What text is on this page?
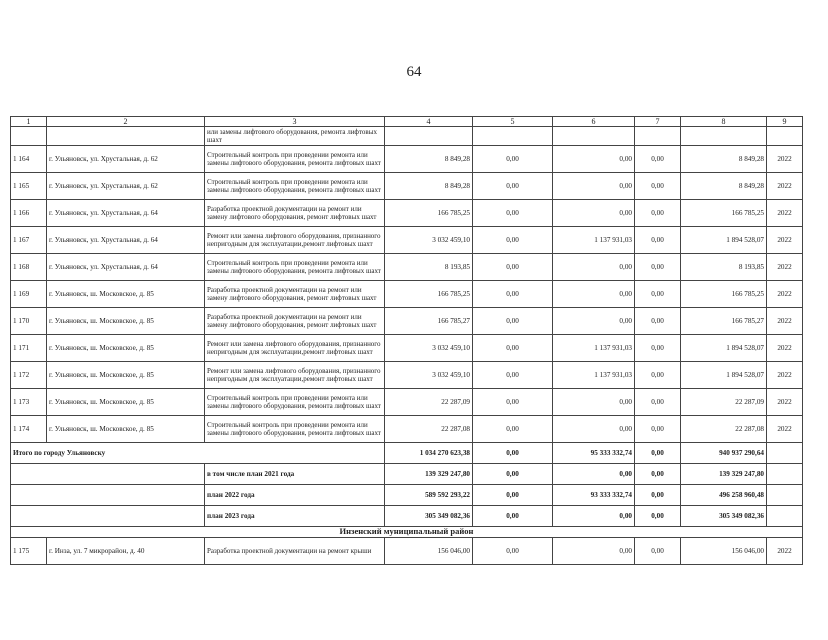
64
1	2	3	4	5	6	7	8	9
		или замены лифтового оборудования, ремонта лифтовых шахт						
1 164	г. Ульяновск, ул. Хрустальная, д. 62	Строительный контроль при проведении ремонта или замены лифтового оборудования, ремонта лифтовых шахт	8 849,28	0,00	0,00	0,00	8 849,28	2022
1 165	г. Ульяновск, ул. Хрустальная, д. 62	Строительный контроль при проведении ремонта или замены лифтового оборудования, ремонта лифтовых шахт	8 849,28	0,00	0,00	0,00	8 849,28	2022
1 166	г. Ульяновск, ул. Хрустальная, д. 64	Разработка проектной документации на ремонт или замену лифтового оборудования, ремонт лифтовых шахт	166 785,25	0,00	0,00	0,00	166 785,25	2022
1 167	г. Ульяновск, ул. Хрустальная, д. 64	Ремонт или замена лифтового оборудования, признанного непригодным для эксплуатации,ремонт лифтовых шахт	3 032 459,10	0,00	1 137 931,03	0,00	1 894 528,07	2022
1 168	г. Ульяновск, ул. Хрустальная, д. 64	Строительный контроль при проведении ремонта или замены лифтового оборудования, ремонта лифтовых шахт	8 193,85	0,00	0,00	0,00	8 193,85	2022
1 169	г. Ульяновск, ш. Московское, д. 85	Разработка проектной документации на ремонт или замену лифтового оборудования, ремонт лифтовых шахт	166 785,25	0,00	0,00	0,00	166 785,25	2022
1 170	г. Ульяновск, ш. Московское, д. 85	Разработка проектной документации на ремонт или замену лифтового оборудования, ремонт лифтовых шахт	166 785,27	0,00	0,00	0,00	166 785,27	2022
1 171	г. Ульяновск, ш. Московское, д. 85	Ремонт или замена лифтового оборудования, признанного непригодным для эксплуатации,ремонт лифтовых шахт	3 032 459,10	0,00	1 137 931,03	0,00	1 894 528,07	2022
1 172	г. Ульяновск, ш. Московское, д. 85	Ремонт или замена лифтового оборудования, признанного непригодным для эксплуатации,ремонт лифтовых шахт	3 032 459,10	0,00	1 137 931,03	0,00	1 894 528,07	2022
1 173	г. Ульяновск, ш. Московское, д. 85	Строительный контроль при проведении ремонта или замены лифтового оборудования, ремонта лифтовых шахт	22 287,09	0,00	0,00	0,00	22 287,09	2022
1 174	г. Ульяновск, ш. Московское, д. 85	Строительный контроль при проведении ремонта или замены лифтового оборудования, ремонта лифтовых шахт	22 287,08	0,00	0,00	0,00	22 287,08	2022
Итого по городу Ульяновску			1 034 270 623,38	0,00	95 333 332,74	0,00	940 937 290,64	
		в том числе план 2021 года	139 329 247,80	0,00	0,00	0,00	139 329 247,80	
		план 2022 года	589 592 293,22	0,00	93 333 332,74	0,00	496 258 960,48	
		план 2023 года	305 349 082,36	0,00	0,00	0,00	305 349 082,36	
Инзенский муниципальный район								
1 175	г. Инза, ул. 7 микрорайон, д. 40	Разработка проектной документации на ремонт крыши	156 046,00	0,00	0,00	0,00	156 046,00	2022
